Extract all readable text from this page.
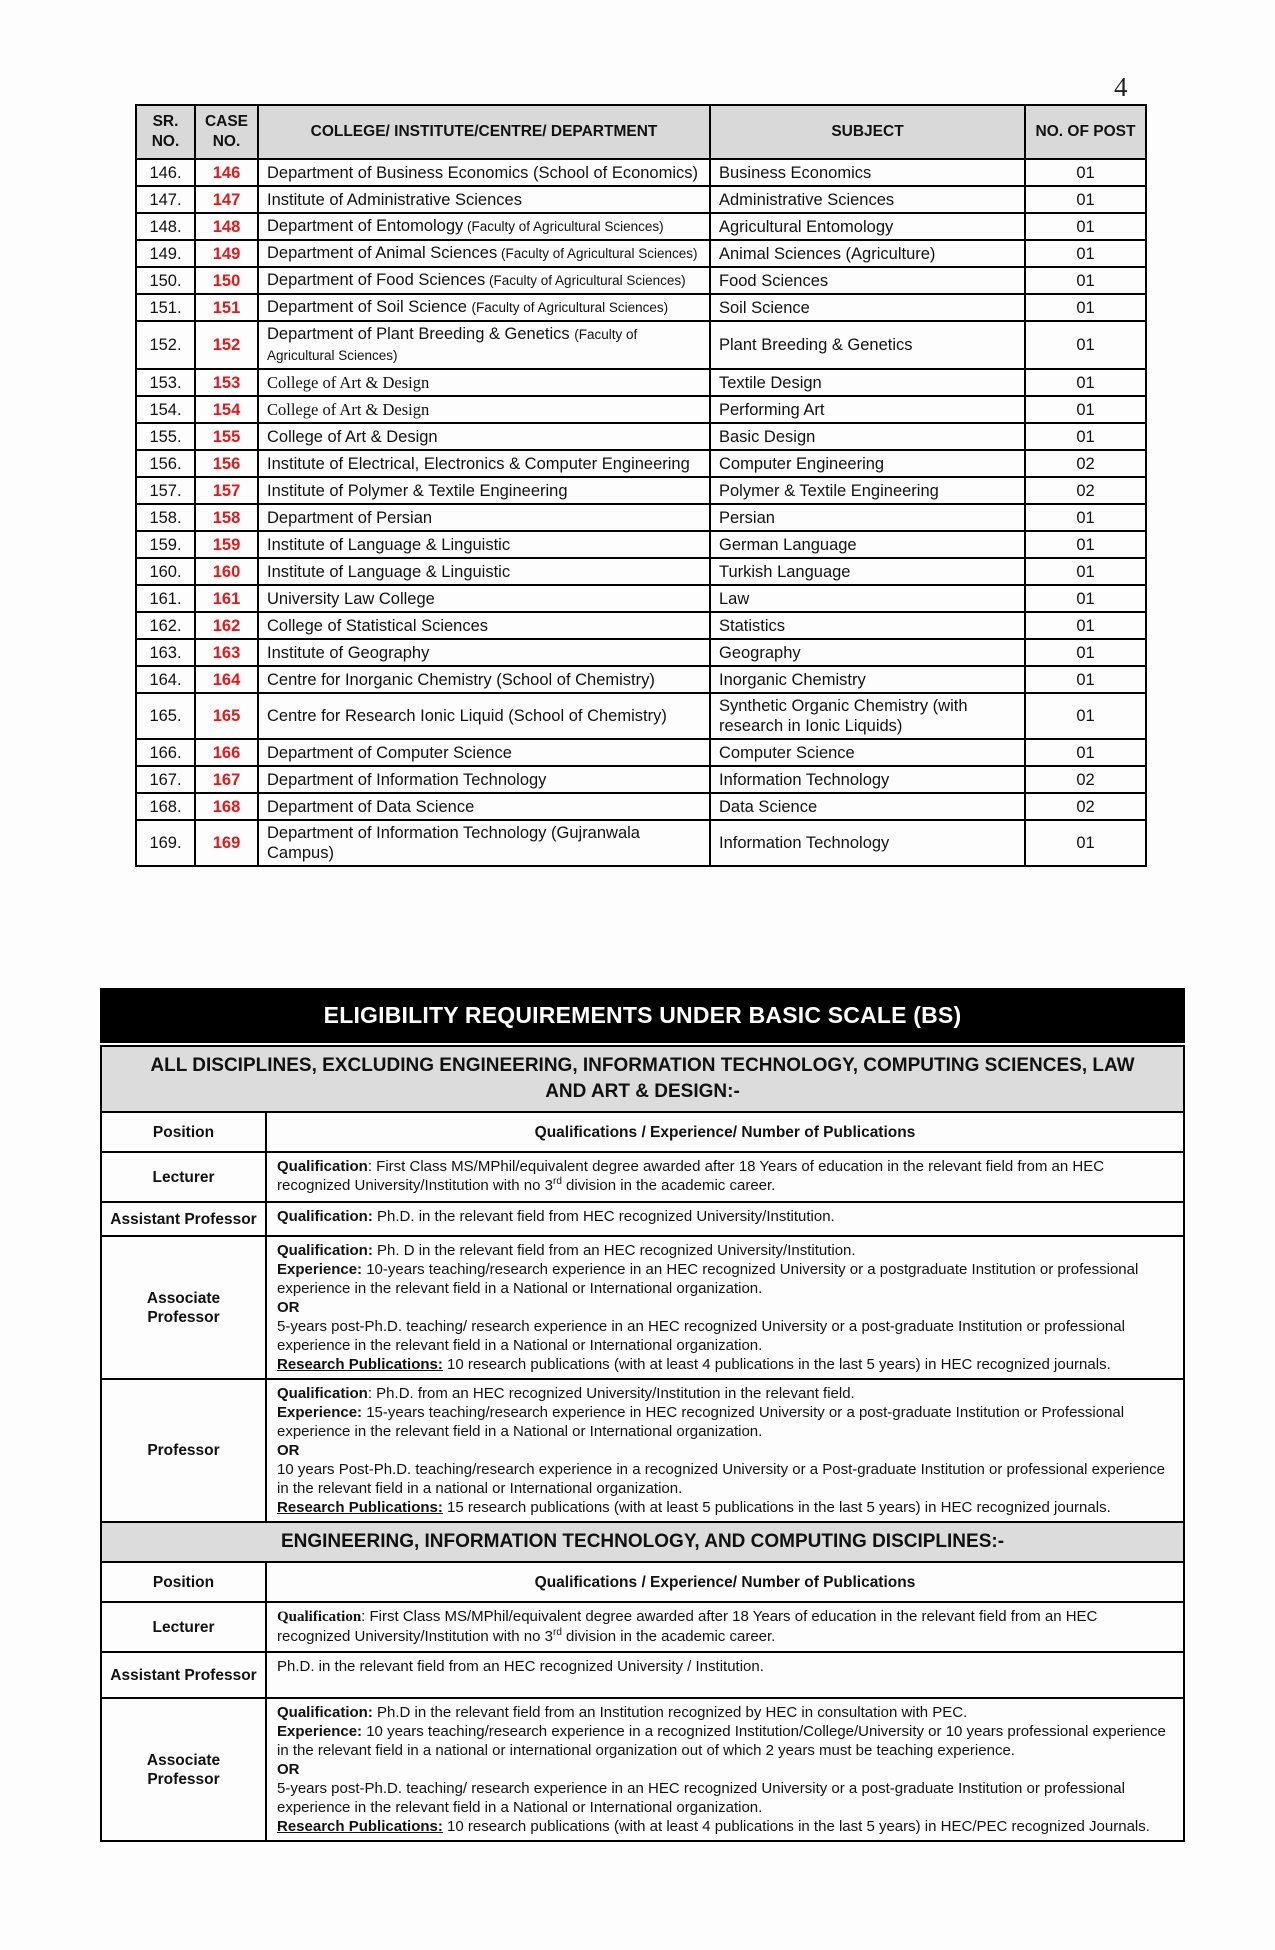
4
SR. NO.	CASE NO.	COLLEGE/ INSTITUTE/CENTRE/ DEPARTMENT	SUBJECT	NO. OF POST
146.	146	Department of Business Economics (School of Economics)	Business Economics	01
147.	147	Institute of Administrative Sciences	Administrative Sciences	01
148.	148	Department of Entomology (Faculty of Agricultural Sciences)	Agricultural Entomology	01
149.	149	Department of Animal Sciences (Faculty of Agricultural Sciences)	Animal Sciences (Agriculture)	01
150.	150	Department of Food Sciences (Faculty of Agricultural Sciences)	Food Sciences	01
151.	151	Department of Soil Science (Faculty of Agricultural Sciences)	Soil Science	01
152.	152	Department of Plant Breeding & Genetics (Faculty of Agricultural Sciences)	Plant Breeding & Genetics	01
153.	153	College of Art & Design	Textile Design	01
154.	154	College of Art & Design	Performing Art	01
155.	155	College of Art & Design	Basic Design	01
156.	156	Institute of Electrical, Electronics & Computer Engineering	Computer Engineering	02
157.	157	Institute of Polymer & Textile Engineering	Polymer & Textile Engineering	02
158.	158	Department of Persian	Persian	01
159.	159	Institute of Language & Linguistic	German Language	01
160.	160	Institute of Language & Linguistic	Turkish Language	01
161.	161	University Law College	Law	01
162.	162	College of Statistical Sciences	Statistics	01
163.	163	Institute of Geography	Geography	01
164.	164	Centre for Inorganic Chemistry (School of Chemistry)	Inorganic Chemistry	01
165.	165	Centre for Research Ionic Liquid (School of Chemistry)	Synthetic Organic Chemistry (with research in Ionic Liquids)	01
166.	166	Department of Computer Science	Computer Science	01
167.	167	Department of Information Technology	Information Technology	02
168.	168	Department of Data Science	Data Science	02
169.	169	Department of Information Technology (Gujranwala Campus)	Information Technology	01
ELIGIBILITY REQUIREMENTS UNDER BASIC SCALE (BS)
ALL DISCIPLINES, EXCLUDING ENGINEERING, INFORMATION TECHNOLOGY, COMPUTING SCIENCES, LAW AND ART & DESIGN:-	
Position	Qualifications / Experience/ Number of Publications
Lecturer	Qualification: First Class MS/MPhil/equivalent degree awarded after 18 Years of education in the relevant field from an HEC recognized University/Institution with no 3rd division in the academic career.

Assistant Professor	Qualification: Ph.D. in the relevant field from HEC recognized University/Institution.

Associate Professor	Qualification: Ph. D in the relevant field from an HEC recognized University/Institution.
Experience: 10-years teaching/research experience in an HEC recognized University or a postgraduate Institution or professional experience in the relevant field in a National or International organization.
OR
5-years post-Ph.D. teaching/ research experience in an HEC recognized University or a post-graduate Institution or professional experience in the relevant field in a National or International organization.
Research Publications: 10 research publications (with at least 4 publications in the last 5 years) in HEC recognized journals.

Professor	Qualification: Ph.D. from an HEC recognized University/Institution in the relevant field.
Experience: 15-years teaching/research experience in HEC recognized University or a post-graduate Institution or Professional experience in the relevant field in a National or International organization.
OR
10 years Post-Ph.D. teaching/research experience in a recognized University or a Post-graduate Institution or professional experience in the relevant field in a national or International organization.
Research Publications: 15 research publications (with at least 5 publications in the last 5 years) in HEC recognized journals.

ENGINEERING, INFORMATION TECHNOLOGY, AND COMPUTING DISCIPLINES:-	
Position	Qualifications / Experience/ Number of Publications
Lecturer	Qualification: First Class MS/MPhil/equivalent degree awarded after 18 Years of education in the relevant field from an HEC recognized University/Institution with no 3rd division in the academic career.

Assistant Professor	Ph.D. in the relevant field from an HEC recognized University / Institution.

Associate Professor	Qualification: Ph.D in the relevant field from an Institution recognized by HEC in consultation with PEC.
Experience: 10 years teaching/research experience in a recognized Institution/College/University or 10 years professional experience in the relevant field in a national or international organization out of which 2 years must be teaching experience.
OR
5-years post-Ph.D. teaching/ research experience in an HEC recognized University or a post-graduate Institution or professional experience in the relevant field in a National or International organization.
Research Publications: 10 research publications (with at least 4 publications in the last 5 years) in HEC/PEC recognized Journals.
